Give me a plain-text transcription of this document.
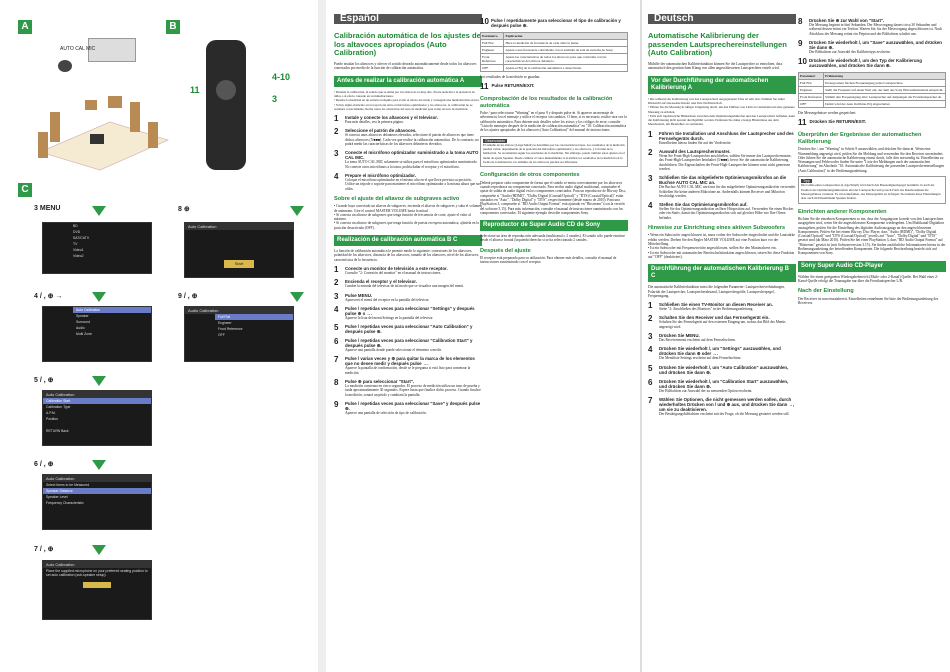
A	B
C
AUTO CAL MIC
4-10
3
11
3 MENU
BD
DVD
SAT/CATV
TV
Video1
Video2
4 / , ⊕ →
Auto Calibration
Speaker
Surround
Audio
Multi Zone
5 / , ⊕
Auto Calibration
Calibration Start
Calibration Type
A.P.M.
Position
RETURN Back
6 / , ⊕
Auto Calibration
Select Items to be Measured
Speaker Distance
Speaker Level
Frequency Characteristic
7 / , ⊕
Auto Calibration
Place the supplied microphone on your preferred seating position to set auto calibration (sub-speaker setup).
8 ⊕
Auto Calibration
Start
9 / , ⊕
Audio Calibration
Full Flat
Engineer
Front Reference
OFF
Español
Calibración automática de los ajustes de los altavoces apropiados (Auto Calibration)

Puede instalar los altavoces y ofrecer el sonido deseado automáticamente desde todos los altavoces conectados por medio de la función de calibración automática.

Antes de realizar la calibración automática A

• Durante la calibración, el sonido que se emite por los altavoces es muy alto. Preste atención a la presencia de niños o al efecto causado en su inmediaciones.
• Realice la medición en un entorno tranquilo para evitar el efecto del ruido y conseguir una medición más exacta.
• Si hay algún obstáculo en la trayectoria entre el micrófono optimizador y los altavoces, la calibración no se realizará correctamente. Retire todos los obstáculos del área de medición para evitar errores de medición.

1	Instale y conecte los altavoces y el televisor.
Para más detalles, vea la primera página.
2	Seleccione el patrón de altavoces.
Si conecta unos altavoces delanteros elevados, seleccione el patrón de altavoces que tiene dichos altavoces (5/■■■). Cada vez que realice la calibración automática. De lo contrario, no podrá medir las características de los altavoces delanteros elevados.
3	Conecte el micrófono optimizador suministrado a la toma AUTO CAL MIC.
La toma AUTO CAL MIC solamente se utiliza para el micrófono optimizador suministrado. No conecte otros micrófonos a la toma, podría dañar el receptor y el micrófono.
4	Prepare el micrófono optimizador.
Coloque el micrófono optimizador en el mismo alto en el que lleva prevista su posición. Utilice un trípode o soporte para mantener el micrófono optimizador a la misma altura que sus oídos.
Sobre el ajuste del altavoz de subgraves activo

• Cuando haya conectado un altavoz de subgraves, encienda el altavoz de subgraves y suba el volumen de antemano. Gire el control MASTER VOLUME hasta la mitad.
• Si conecta un altavoz de subgraves que tenga función de frecuencia de corte, ajuste el valor al máximo.
• Si conecta un altavoz de subgraves que tenga función de puesta en espera automática, ajústela en la posición desactivada (OFF).

Realización de calibración automática B C

La función de calibración automática le permite medir lo siguiente: conexiones de los altavoces, polaridad de los altavoces, distancia de los altavoces, tamaño de los altavoces, nivel de los altavoces, característica de la frecuencia.

1	Conecte un monitor de televisión a este receptor.
Consulte "2: Conexión del monitor" en el manual de instrucciones.
2	Encienda el receptor y el televisor.
Cambie la entrada del televisor de tal modo que se visualice una imagen del menú.
3	Pulse MENU.
Aparecerá el menú del receptor en la pantalla del televisor.
4	Pulse / repetidas veces para seleccionar "Settings" y después pulse ⊕ o →.
Aparece la lista del menú Settings en la pantalla del televisor.
5	Pulse / repetidas veces para seleccionar "Auto Calibration" y después pulse ⊕.
6	Pulse / repetidas veces para seleccionar "Calibration Start" y después pulse ⊕.
Aparece una pantalla donde puede seleccionar el elemento a medir.
7	Pulse / varias veces y ⊕ para quitar la marca de los elementos que no desee medir y después pulse →.
Aparece la pantalla de confirmación, desde se le pregunta si está listo para comenzar la medición.
8	Pulse ⊕ para seleccionar "Start".
La medición comienza en cinco segundos. El proceso de medición utiliza un tono de prueba y tarda aproximadamente 30 segundos. Espere hasta que finalice dicho proceso. Cuando finalice la medición, sonará un pitido y cambiará la pantalla.
9	Pulse / repetidas veces para seleccionar "Save" y después pulse ⊕.
Aparece una pantalla de selección de tipo de calibración.
10 Pulse / repetidamente para seleccionar el tipo de calibración y después pulse ⊕.
Parámetro	Explicación
Full Flat	Hace la medición de frecuencia de cada altavoz plana.
Engineer	Ajusta a una frecuencia coincidente con el estándar de sala de escucha de Sony.
Front Reference	Ajusta las características de todos los altavoces para que coincidan con las características del altavoz delantero.
OFF	Ajusta el EQ de la calibración automática a desactivado.

Los resultados de la medición se guardan.

11 Pulse RETURN/EXIT.
Comprobación de los resultados de la calibración automática

Pulse / para seleccionar "Warning" en el paso 9 y después pulse ⊕. Si aparece un mensaje de advertencia, lea el mensaje y utilice el receptor sin cambios. O bien, si es necesario, realice otra vez la calibración automática. Para obtener más detalles sobre los avisos y los códigos de error, consulte "Lista de mensajes después de la medición de calibración automática" en "10: Calibración automática de los ajustes apropiados de los altavoces (Auto Calibration)" del manual de instrucciones.

Observación

El tamaño de un altavoz (Large/Small) se determina por las características bajas. Los resultados de la medición pueden variar, dependiendo de la posición del micrófono optimizador y los altavoces, y la forma de la habitación. Se recomienda seguir los resultados de la medición. Sin embargo, puede cambiar estos ajustes en el menú de ajuste Speaker. Puede cambiar el valor manualmente si al utilizar los resultados de la medición en la forma de la habitación, los tamaños de los altavoces pueden ser diferentes.

Configuración de otros componentes

Deberá preparar cada componente de forma que el sonido se emita correctamente por los altavoces cuando reproduzca un componente conectado. Para recibir audio digital multicanal, compruebe el ajuste de salida de audio digital en los componentes conectados. Para un reproductor de Blu-ray Disc, compruebe si "Audio (HDMI)", "Dolby Digital (Coaxial/Optical)" y "DTS (Coaxial/Optical)" están ajustados en "Auto", "Dolby Digital" y "DTS", respectivamente (desde marzo de 2010). Para una PlayStation 3, compruebe si "BD Audio Output Format" está ajustado en "Bitstream" (con la versión del software 3.15). Para más información, consulte el manual de instrucciones suministrado con los componentes conectados. El siguiente ejemplo describe componentes Sony.

Reproductor de Super Audio CD de Sony

Seleccione un área de reproducción adecuada (multicanal o 2 canales). El sonido sólo puede emitirse desde el altavoz frontal (izquierdo/derecho si se ha seleccionado 2 canales.

Después del ajuste

El receptor está preparado para su utilización. Para obtener más detalles, consulte el manual de instrucciones suministrado con el receptor.

Deutsch
Automatische Kalibrierung der passenden Lautsprechereinstellungen (Auto Calibration)

Mithilfe der automatischen Kalibrierfunktion können Sie die Lautsprecher so einrichten, dass automatisch den gewünschten Klang von allen angeschlossenen Lautsprechern erzielt wird.

Vor der Durchführung der automatischen Kalibrierung A

• Die während der Kalibrierung von den Lautsprechern ausgegebenen Töne ist sehr laut. Nehmen Sie daher Rücksicht auf anwesende Kinder oder Ihre Nachbarschaft.
• Führen Sie die Messung in ruhiger Umgebung durch, um den Einfluss von Lärm zu vermeiden und eine genauere Messung zu erhalten.
• Falls sich irgendwelche Hindernisse zwischen dem Optimierungsmikrofon und den Lautsprechern befinden, kann die Kalibrierung nicht korrekt durchgeführt werden. Entfernen Sie daher etwaige Hindernisse aus dem Messbereich, um Messfehler zu vermeiden.

1	Führen Sie Installation und Anschluss der Lautsprecher und des Fernsehgeräts durch.
Einzelheiten hierzu finden Sie auf der Vorderseite.
2	Auswahl des Lautsprechermuster.
Wenn Sie Front-High-Lautsprecher anschließen, wählen Sie immer das Lautsprechermuster, das Front-High-Lautsprecher beinhaltet (5/■■■), bevor Sie die automatische Kalibrierung durchführen. Die Eigenschaften der Front-High-Lautsprecher können sonst nicht gemessen werden.
3	Schließen Sie das mitgelieferte Optimierungsmikrofon an die Buchse AUTO CAL MIC an.
Die Buchse AUTO CAL MIC wird nur für das mitgelieferte Optimierungsmikrofon verwendet. Schließen Sie keine anderen Mikrofone an. Andernfalls können Receiver und Mikrofon beschädigt werden.
4	Stellen Sie das Optimierungsmikrofon auf.
Stellen Sie das Optimierungsmikrofon an Ihrer Hörposition auf. Verwenden Sie einen Hocker oder ein Stativ, damit das Optimierungsmikrofon sich auf gleicher Höhe wie Ihre Ohren befindet.
Hinweise zur Einrichtung eines aktiven Subwoofers

• Wenn ein Subwoofer angeschlossen ist, muss vorher der Subwoofer eingeschaltet und die Lautstärke erhöht werden. Drehen Sie den Regler MASTER VOLUME auf eine Position kurz vor der Mittelstellung.
• Ist ein Subwoofer mit Frequenzweiche angeschlossen, stellen Sie den Maximalwert ein.
• Ist ein Subwoofer mit automatischer Bereitschaftsfunktion angeschlossen, setzen Sie diese Funktion auf "OFF" (deaktiviert).

Durchführung der automatischen Kalibrierung B C

Die automatische Kalibrierfunktion misst die folgenden Parameter: Lautsprecherverbindungen, Polarität der Lautsprecher, Lautsprecherabstand, Lautsprechergröße, Lautsprecherpegel, Frequenzgang.

1	Schließen Sie einen TV-Monitor an diesen Receiver an.
Siehe "2: Anschließen des Monitors" in der Bedienungsanleitung.
2	Schalten Sie den Receiver und das Fernsehgerät ein.
Schalten Sie das Fernsehgerät auf den externen Eingang um, sodass das Bild des Menüs angezeigt wird.
3	Drücken Sie MENU.
Das Receivermenü erscheint auf dem Fernsehschirm.
4	Drücken Sie wiederholt /, um "Settings" auszuwählen, und drücken Sie dann ⊕ oder →.
Die Menüliste Settings erscheint auf dem Fernsehschirm.
5	Drücken Sie wiederholt /, um "Auto Calibration" auszuwählen, und drücken Sie dann ⊕.
6	Drücken Sie wiederholt /, um "Calibration Start" auszuwählen, und drücken Sie dann ⊕.
Der Bildschirm zur Auswahl der zu messenden Option erscheint.
7	Wählen Sie Optionen, die nicht gemessen werden sollen, durch wiederholtes Drücken von / und ⊕ aus, und drücken Sie dann →, um sie zu deaktivieren.
Der Bestätigungsbildschirm erscheint mit der Frage, ob die Messung gestartet werden soll.
8	Drücken Sie ⊕ zur Wahl von "Start".
Die Messung beginnt in fünf Sekunden. Der Messvorgang dauert circa 30 Sekunden und während dessen ertönt ein Testton. Warten Sie, bis der Messvorgang abgeschlossen ist. Nach Abschluss der Messung ertönt ein Piepton und der Bildschirm schaltet um.
9	Drücken Sie wiederholt /, um "Save" auszuwählen, und drücken Sie dann ⊕.
Der Bildschirm zur Auswahl des Kalibriertyps erscheint.
10 Drücken Sie wiederholt /, um den Typ der Kalibrierung auszuwählen, und drücken Sie dann ⊕.
Parameter	Erläuterung
Full Flat	Erzeugt einen flachen Frequenzgang jedes Lautsprechers.
Engineer	Stellt die Frequenz auf einen Wert ein, der dem des Sony Hörraumstandards entspricht.
Front Reference	Stimmt den Frequenzgang aller Lautsprecher auf denjenigen der Frontlautsprecher ab.
OFF	Damit wird der Auto Kalibrier-EQ abgeschaltet.

Die Messergebnisse werden gespeichert.

11 Drücken Sie RETURN/EXIT.
Überprüfen der Ergebnisse der automatischen Kalibrierung

Drücken Sie /, um "Warning" in Schritt 9 auszuwählen, und drücken Sie dann ⊕. Wenn eine Warnmeldung angezeigt wird, prüfen Sie die Meldung und verwenden Sie den Receiver unverändert. Oder führen Sie die automatische Kalibrierung erneut durch, falls dies notwendig ist. Einzelheiten zu Warnungen und Fehlercodes finden Sie unter "Liste der Meldungen nach der automatischen Kalibrierung" im Abschnitt "10: Automatische Kalibrierung der passenden Lautsprechereinstellungen (Auto Calibration)" in der Bedienungsanleitung.

Tipp

Die Größe eines Lautsprechers (Large/Small) wird durch den Basszeitigkeitspegel bestimmt. Je nach der Position des Optimierungsmikrofons und der Lautsprecher und je nach Form des Raums können die Messergebnisse variieren. Es wird empfohlen, das Messergebnis zu befolgen. Sie können diese Einstellungen aber auch im Einstellmenü Speaker ändern.

Einrichten anderer Komponenten

Richten Sie die einzelnen Komponenten so ein, dass der Ausgangston korrekt von den Lautsprechern ausgegeben wird, wenn Sie die angeschlossene Komponente wiedergeben. Um Multikanal-Digitalton auszugeben, prüfen Sie die Einstellung des digitalen Audioausgangs an den angeschlossenen Komponenten. Prüfen Sie bei einem Blu-ray Disc Player, dass "Audio (HDMI)", "Dolby Digital (Coaxial/Optical)" und "DTS (Coaxial/Optical)" jeweils auf "Auto", "Dolby Digital" und "DTS" gesetzt sind (ab März 2010). Prüfen Sie bei einer PlayStation 3, dass "BD Audio Output Format" auf "Bitstream" gesetzt ist (mit Softwareversion 3.15). Sie finden ausführliche Informationen hierzu in der Bedienungsanleitung der betreffenden Komponente. Die folgende Beschreibung bezieht sich auf Komponenten von Sony.

Sony Super Audio CD-Player

Wählen Sie einen geeigneten Wiedergabebereich (Multi- oder 2-Kanal) Quelle. Bei Wahl einer 2-Kanal-Quelle erfolgt die Tonausgabe nur über die Frontlautsprecher L/R.

Nach der Einstellung

Der Receiver ist nun einsatzbereit. Einzelheiten entnehmen Sie bitte der Bedienungsanleitung des Receivers.
